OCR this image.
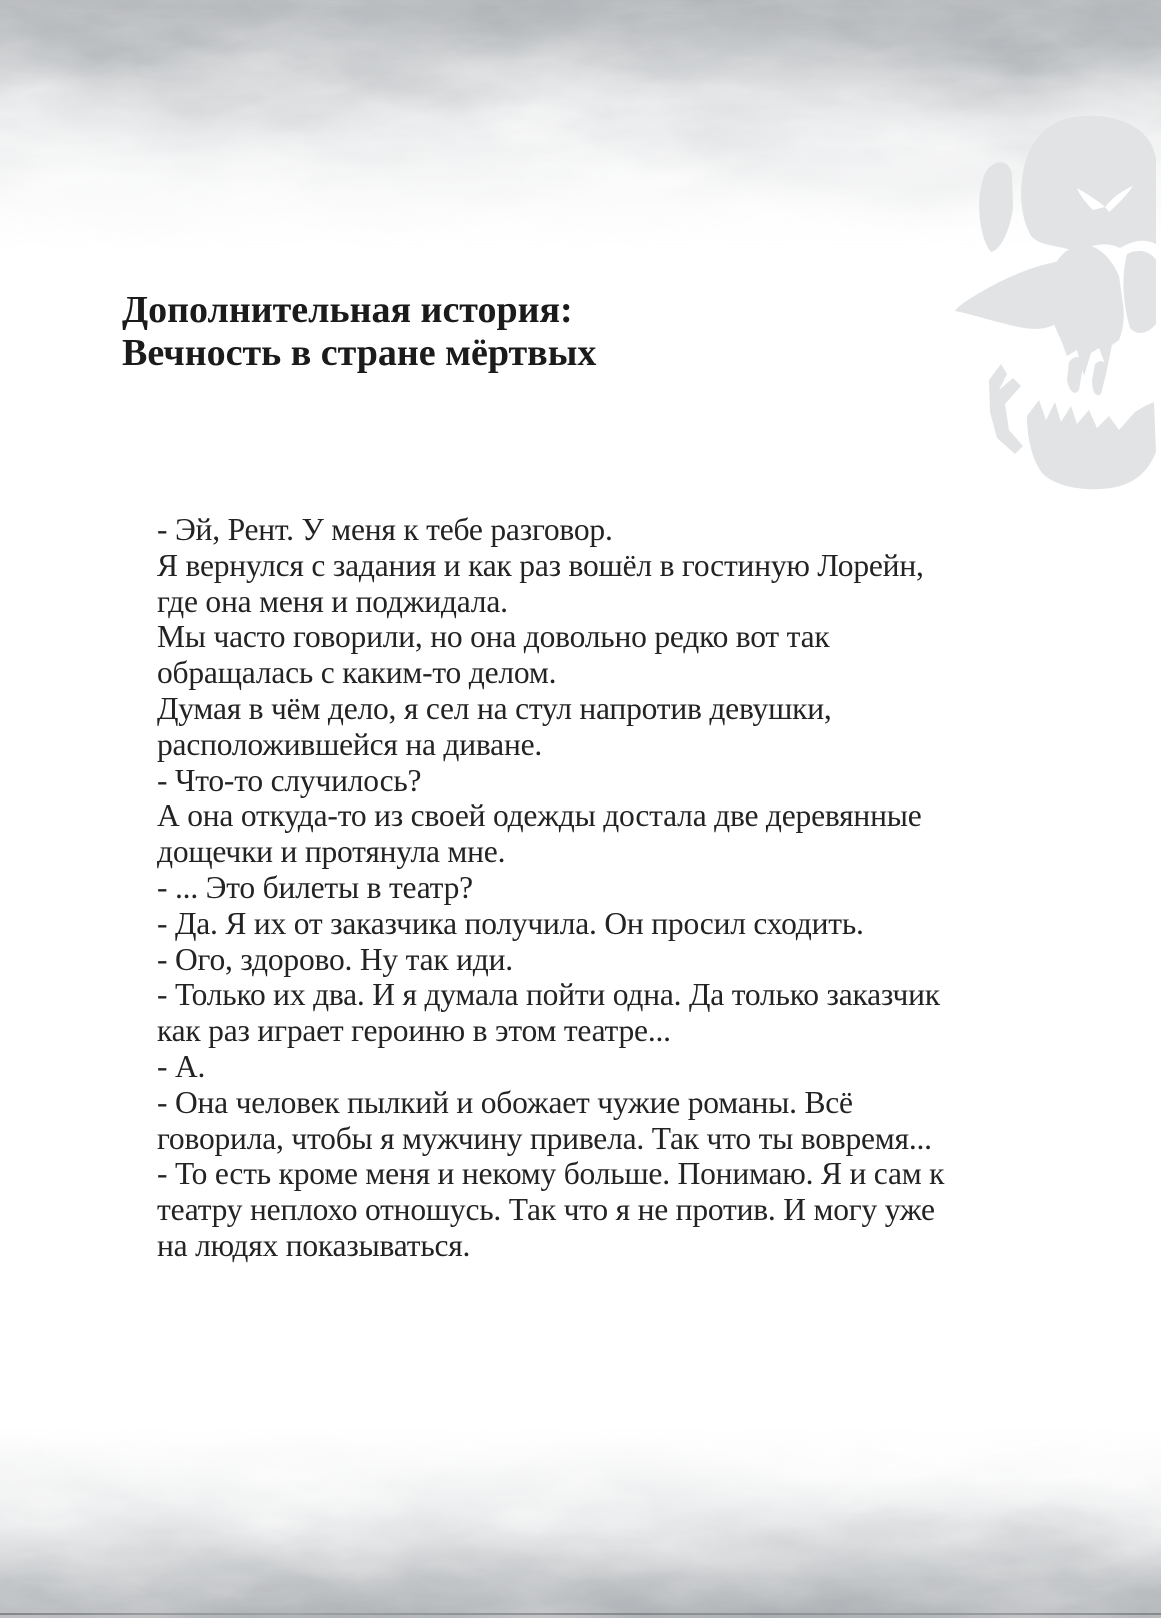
Дополнительная история:
Вечность в стране мёртвых
- Эй, Рент. У меня к тебе разговор.
Я вернулся с задания и как раз вошёл в гостиную Лорейн,
где она меня и поджидала.
Мы часто говорили, но она довольно редко вот так
обращалась с каким-то делом.
Думая в чём дело, я сел на стул напротив девушки,
расположившейся на диване.
- Что-то случилось?
А она откуда-то из своей одежды достала две деревянные
дощечки и протянула мне.
- ... Это билеты в театр?
- Да. Я их от заказчика получила. Он просил сходить.
- Ого, здорово. Ну так иди.
- Только их два. И я думала пойти одна. Да только заказчик
как раз играет героиню в этом театре...
- А.
- Она человек пылкий и обожает чужие романы. Всё
говорила, чтобы я мужчину привела. Так что ты вовремя...
- То есть кроме меня и некому больше. Понимаю. Я и сам к
театру неплохо отношусь. Так что я не против. И могу уже
на людях показываться.
